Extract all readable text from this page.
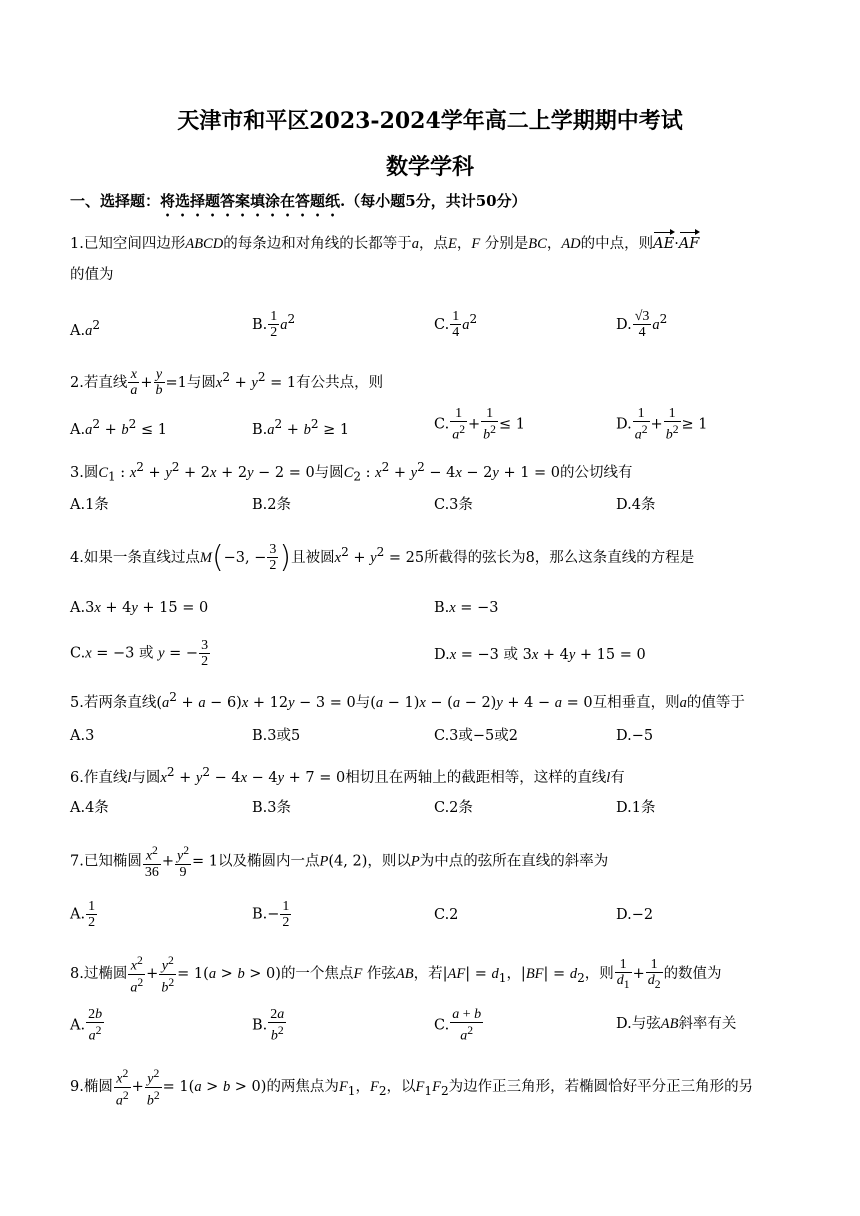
天津市和平区2023-2024学年高二上学期期中考试
数学学科
一、选择题：将选择题答案填涂在答题纸.（每小题5分，共计50分）
1.已知空间四边形ABCD的每条边和对角线的长都等于a，点E，F 分别是BC，AD的中点，则AE·AF
的值为
$A.a^2$	B. $\frac{1}{2} a^2$	C. $\frac{1}{4} a^2$	D. $\frac{√3}{4} a^2$
2.若直线 $\frac{x}{a} + \frac{y}{b} =1$与圆$x^2 + y^2 = 1$有公共点，则
$A.a^2 + b^2 \le 1$	$B.a^2 + b^2 \ge 1$	C. $\frac{1}{a^2} + \frac{1}{b^2} \le 1$	D. $\frac{1}{a^2} + \frac{1}{b^2} \ge 1$
3.圆$C_1$ : $x^2 + y^2 + 2x + 2y - 2 = 0$与圆$C_2$ : $x^2 + y^2 - 4x - 2y + 1 = 0$的公切线有
A.1条	B.2条	C.3条	D.4条
4.如果一条直线过点M(−3, − $\frac{3}{2}$ )且被圆$x^2 + y^2 = 25$所截得的弦长为8，那么这条直线的方程是
A.3x + 4y + 15 = 0	B.x = −3
C.x = −3 或 y = − $\frac{3}{2}$	D.x = −3 或 3x + 4y + 15 = 0
5.若两条直线$(a^2 + a - 6)x + 12y - 3 = 0$与(a − 1)x − (a − 2)y + 4 − a = 0互相垂直，则a的值等于
A.3	B.3或5	C.3或−5或2	D.−5
6.作直线l与圆$x^2 + y^2 - 4x - 4y + 7 = 0$相切且在两轴上的截距相等，这样的直线l有
A.4条	B.3条	C.2条	D.1条
7.已知椭圆 $\frac{x^2}{36} + \frac{y^2}{9} = 1$以及椭圆内一点P(4, 2)，则以P为中点的弦所在直线的斜率为
A. $\frac{1}{2}$	$B.- \frac{1}{2}$	C.2	D.−2
8.过椭圆 $\frac{x^2}{a^2} + \frac{y^2}{b^2} = 1(a > b > 0)$的一个焦点F 作弦AB，若$|AF| = d_1$，$|BF| = d_2$，则 $\frac{1}{d_1} + \frac{1}{d_2}$ 的数值为
A. $\frac{2b}{a^2}$	B. $\frac{2a}{b^2}$	C. $\frac{a + b}{a^2}$	D.与弦AB斜率有关
9.椭圆 $\frac{x^2}{a^2} + \frac{y^2}{b^2} = 1(a > b > 0)$的两焦点为$F_1$，$F_2$，以$F_1F_2$为边作正三角形，若椭圆恰好平分正三角形的另
